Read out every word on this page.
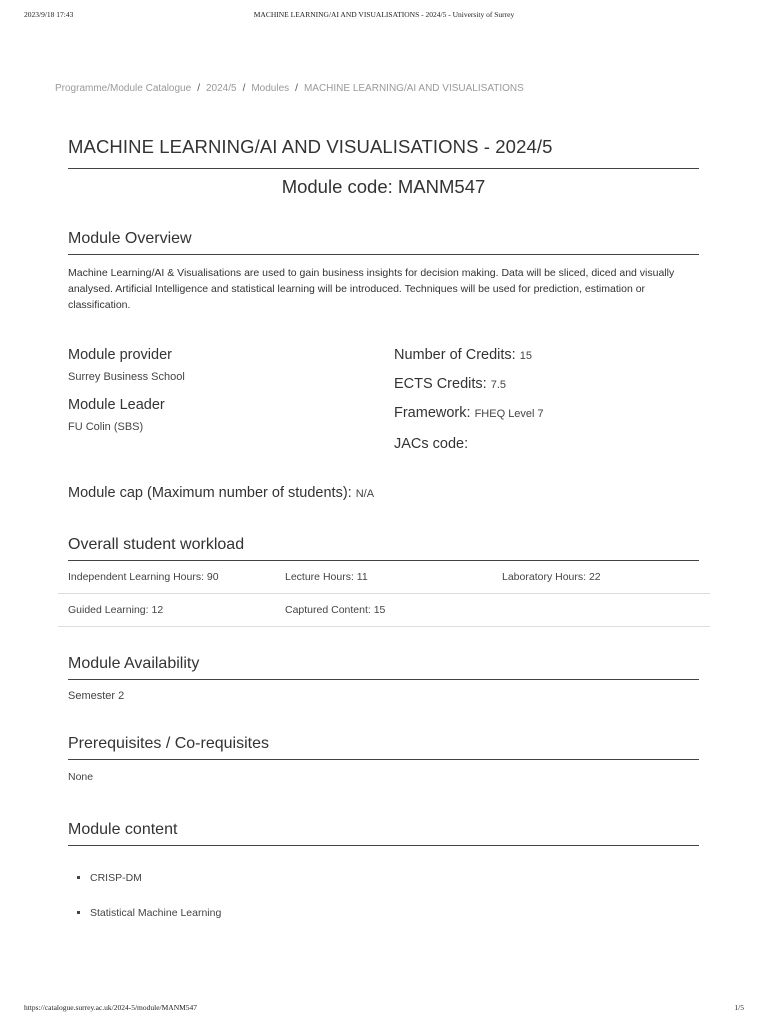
2023/9/18 17:43	MACHINE LEARNING/AI AND VISUALISATIONS - 2024/5 - University of Surrey
Programme/Module Catalogue / 2024/5 / Modules / MACHINE LEARNING/AI AND VISUALISATIONS
MACHINE LEARNING/AI AND VISUALISATIONS - 2024/5
Module code: MANM547
Module Overview

Machine Learning/AI & Visualisations are used to gain business insights for decision making. Data will be sliced, diced and visually analysed. Artificial Intelligence and statistical learning will be introduced. Techniques will be used for prediction, estimation or classification.

Module provider
Surrey Business School
Module Leader
FU Colin (SBS)
Number of Credits: 15
ECTS Credits: 7.5
Framework: FHEQ Level 7
JACs code:
Module cap (Maximum number of students): N/A
Overall student workload
Independent Learning Hours: 90	Lecture Hours: 11	Laboratory Hours: 22
Guided Learning: 12	Captured Content: 15
Module Availability
Semester 2
Prerequisites / Co-requisites
None
Module content
▪ CRISP-DM
▪ Statistical Machine Learning
https://catalogue.surrey.ac.uk/2024-5/module/MANM547	1/5
